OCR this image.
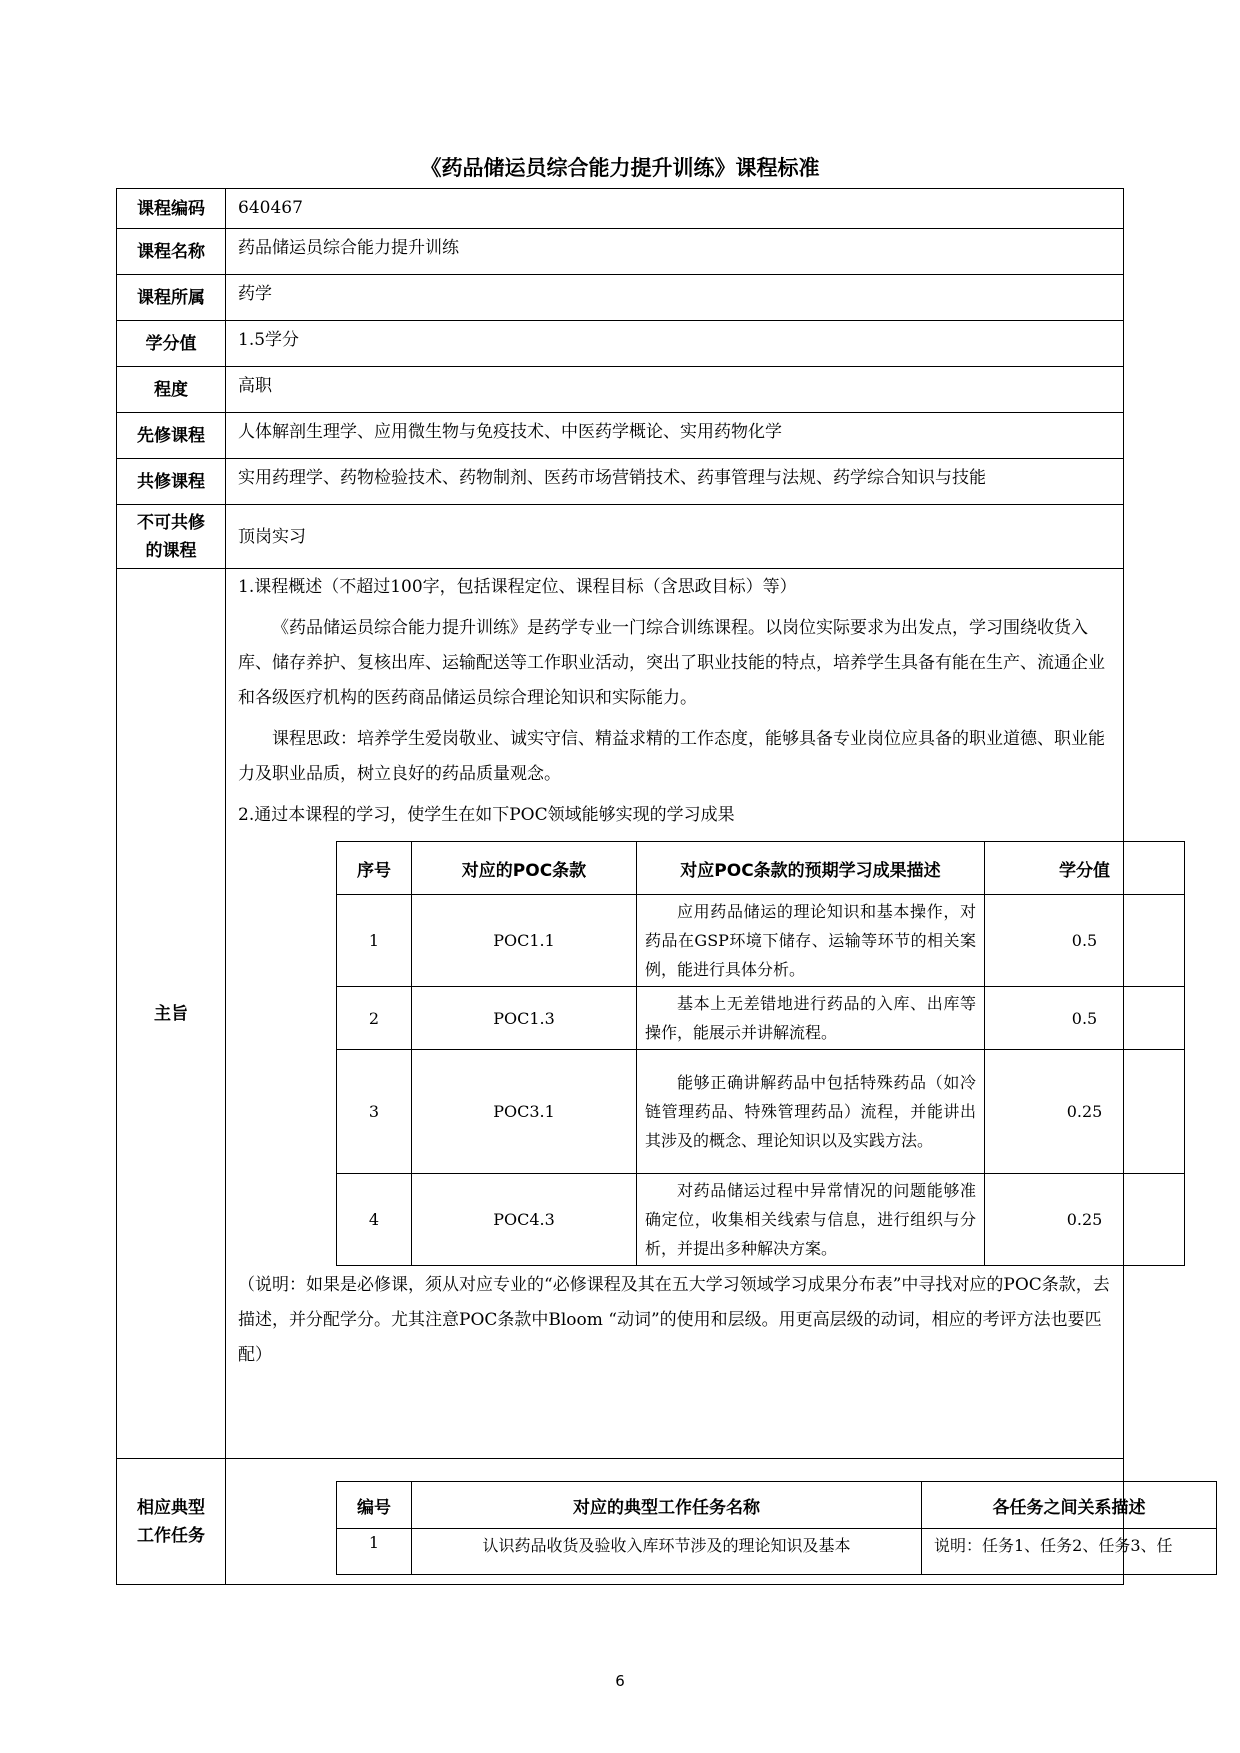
《药品储运员综合能力提升训练》课程标准
课程编码	640467
课程名称	药品储运员综合能力提升训练
课程所属	药学
学分值	1.5学分
程度	高职
先修课程	人体解剖生理学、应用微生物与免疫技术、中医药学概论、实用药物化学
共修课程	实用药理学、药物检验技术、药物制剂、医药市场营销技术、药事管理与法规、药学综合知识与技能

不可共修
的课程
	顶岗实习
主旨	

1.课程概述（不超过100字，包括课程定位、课程目标（含思政目标）等）

《药品储运员综合能力提升训练》是药学专业一门综合训练课程。以岗位实际要求为出发点，学习围绕收货入库、储存养护、复核出库、运输配送等工作职业活动，突出了职业技能的特点，培养学生具备有能在生产、流通企业和各级医疗机构的医药商品储运员综合理论知识和实际能力。

课程思政：培养学生爱岗敬业、诚实守信、精益求精的工作态度，能够具备专业岗位应具备的职业道德、职业能力及职业品质，树立良好的药品质量观念。

2.通过本课程的学习，使学生在如下POC领域能够实现的学习成果

序号	对应的POC条款	对应POC条款的预期学习成果描述	学分值
1	POC1.1	应用药品储运的理论知识和基本操作，对药品在GSP环境下储存、运输等环节的相关案例，能进行具体分析。	0.5
2	POC1.3	基本上无差错地进行药品的入库、出库等操作，能展示并讲解流程。	0.5
3	POC3.1	能够正确讲解药品中包括特殊药品（如冷链管理药品、特殊管理药品）流程，并能讲出其涉及的概念、理论知识以及实践方法。	0.25
4	POC4.3	对药品储运过程中异常情况的问题能够准确定位，收集相关线索与信息，进行组织与分析，并提出多种解决方案。	0.25

（说明：如果是必修课，须从对应专业的“必修课程及其在五大学习领域学习成果分布表”中寻找对应的POC条款，去描述，并分配学分。尤其注意POC条款中Bloom “动词”的使用和层级。用更高层级的动词，相应的考评方法也要匹配）

相应典型
工作任务

编号	对应的典型工作任务名称	各任务之间关系描述
1	认识药品收货及验收入库环节涉及的理论知识及基本	说明：任务1、任务2、任务3、任
6
